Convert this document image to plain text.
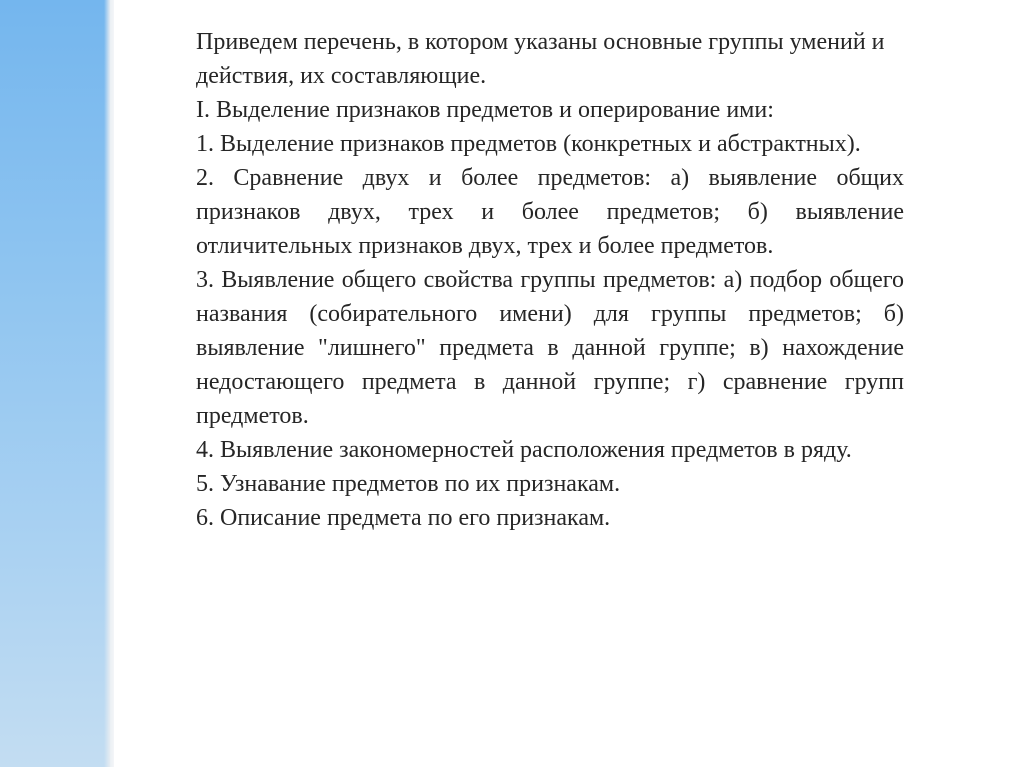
Приведем перечень, в котором указаны основные группы умений и действия, их составляющие.

I. Выделение признаков предметов и оперирование ими:

1. Выделение признаков предметов (конкретных и абстрактных).

2. Сравнение двух и более предметов: а) выявление общих признаков двух, трех и более предметов; б) выявление отличительных признаков двух, трех и более предметов.

3. Выявление общего свойства группы предметов: а) подбор общего названия (собирательного имени) для группы предметов; б) выявление "лишнего" предмета в данной группе; в) нахождение недостающего предмета в данной группе; г) сравнение групп предметов.

4. Выявление закономерностей расположения предметов в ряду.

5. Узнавание предметов по их признакам.

6. Описание предмета по его признакам.
